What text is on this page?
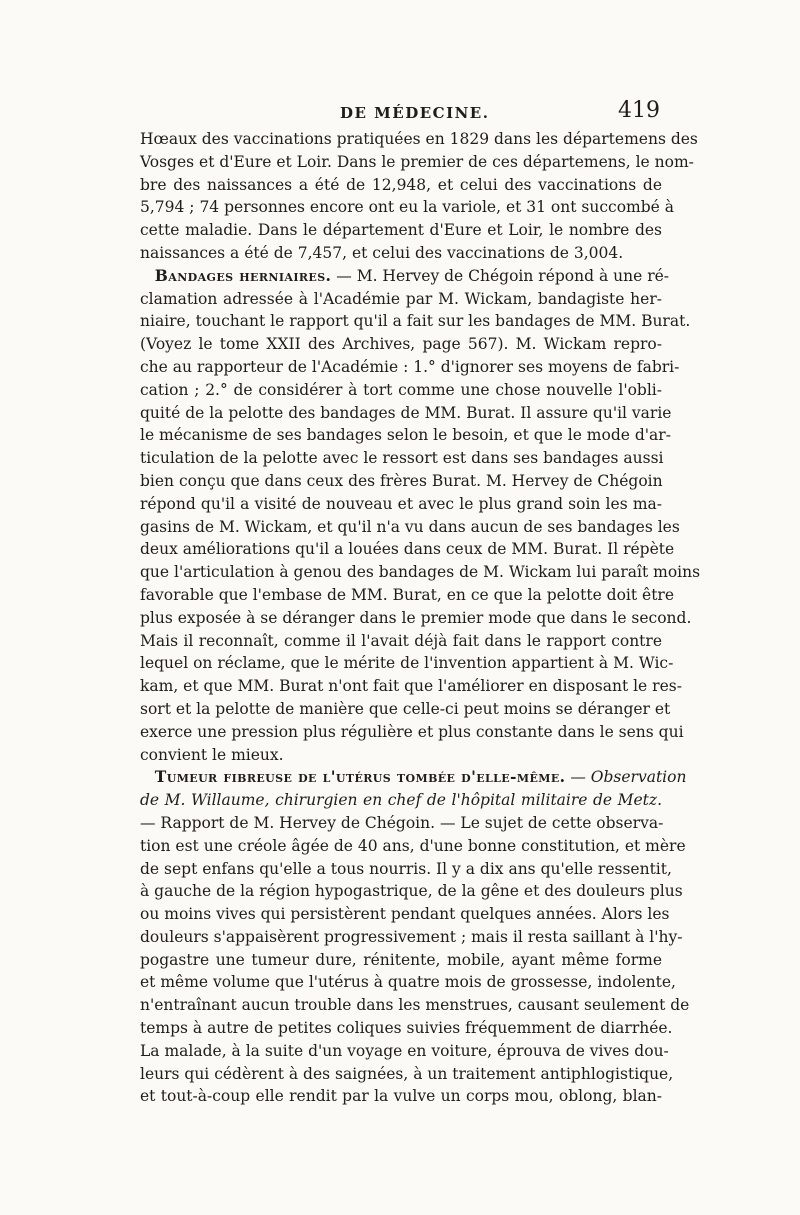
DE MÉDECINE.	419
Hœaux des vaccinations pratiquées en 1829 dans les départemens des
Vosges et d'Eure et Loir. Dans le premier de ces départemens, le nom-
bre des naissances a été de 12,948, et celui des vaccinations de
5,794 ; 74 personnes encore ont eu la variole, et 31 ont succombé à
cette maladie. Dans le département d'Eure et Loir, le nombre des
naissances a été de 7,457, et celui des vaccinations de 3,004.
Bandages herniaires. — M. Hervey de Chégoin répond à une ré-
clamation adressée à l'Académie par M. Wickam, bandagiste her-
niaire, touchant le rapport qu'il a fait sur les bandages de MM. Burat.
(Voyez le tome XXII des Archives, page 567). M. Wickam repro-
che au rapporteur de l'Académie : 1.° d'ignorer ses moyens de fabri-
cation ; 2.° de considérer à tort comme une chose nouvelle l'obli-
quité de la pelotte des bandages de MM. Burat. Il assure qu'il varie
le mécanisme de ses bandages selon le besoin, et que le mode d'ar-
ticulation de la pelotte avec le ressort est dans ses bandages aussi
bien conçu que dans ceux des frères Burat. M. Hervey de Chégoin
répond qu'il a visité de nouveau et avec le plus grand soin les ma-
gasins de M. Wickam, et qu'il n'a vu dans aucun de ses bandages les
deux améliorations qu'il a louées dans ceux de MM. Burat. Il répète
que l'articulation à genou des bandages de M. Wickam lui paraît moins
favorable que l'embase de MM. Burat, en ce que la pelotte doit être
plus exposée à se déranger dans le premier mode que dans le second.
Mais il reconnaît, comme il l'avait déjà fait dans le rapport contre
lequel on réclame, que le mérite de l'invention appartient à M. Wic-
kam, et que MM. Burat n'ont fait que l'améliorer en disposant le res-
sort et la pelotte de manière que celle-ci peut moins se déranger et
exerce une pression plus régulière et plus constante dans le sens qui
convient le mieux.
Tumeur fibreuse de l'utérus tombée d'elle-même. — Observation
de M. Willaume, chirurgien en chef de l'hôpital militaire de Metz.
— Rapport de M. Hervey de Chégoin. — Le sujet de cette observa-
tion est une créole âgée de 40 ans, d'une bonne constitution, et mère
de sept enfans qu'elle a tous nourris. Il y a dix ans qu'elle ressentit,
à gauche de la région hypogastrique, de la gêne et des douleurs plus
ou moins vives qui persistèrent pendant quelques années. Alors les
douleurs s'appaisèrent progressivement ; mais il resta saillant à l'hy-
pogastre une tumeur dure, rénitente, mobile, ayant même forme
et même volume que l'utérus à quatre mois de grossesse, indolente,
n'entraînant aucun trouble dans les menstrues, causant seulement de
temps à autre de petites coliques suivies fréquemment de diarrhée.
La malade, à la suite d'un voyage en voiture, éprouva de vives dou-
leurs qui cédèrent à des saignées, à un traitement antiphlogistique,
et tout-à-coup elle rendit par la vulve un corps mou, oblong, blan-
